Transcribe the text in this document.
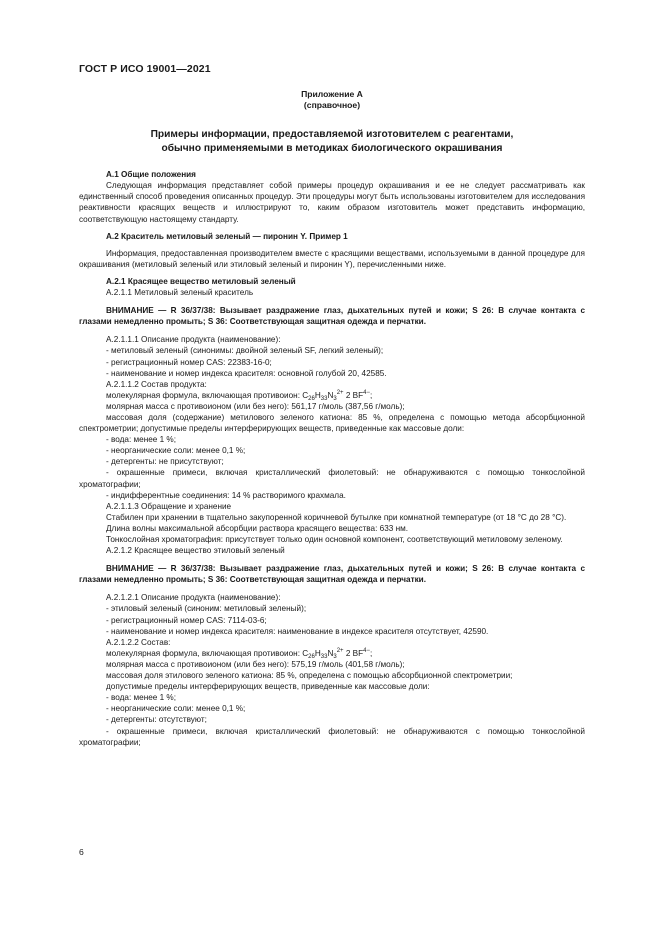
ГОСТ Р ИСО 19001—2021

Приложение А

(справочное)

Примеры информации, предоставляемой изготовителем с реагентами,
обычно применяемыми в методиках биологического окрашивания

А.1 Общие положения

Следующая информация представляет собой примеры процедур окрашивания и ее не следует рассматривать как единственный способ проведения описанных процедур. Эти процедуры могут быть использованы изготовителем для исследования реактивности красящих веществ и иллюстрируют то, каким образом изготовитель может представить информацию, соответствующую настоящему стандарту.

А.2 Краситель метиловый зеленый — пиронин Y. Пример 1

Информация, предоставленная производителем вместе с красящими веществами, используемыми в данной процедуре для окрашивания (метиловый зеленый или этиловый зеленый и пиронин Y), перечисленными ниже.

А.2.1 Красящее вещество метиловый зеленый

А.2.1.1 Метиловый зеленый краситель

ВНИМАНИЕ — R 36/37/38: Вызывает раздражение глаз, дыхательных путей и кожи; S 26: В случае контакта с глазами немедленно промыть; S 36: Соответствующая защитная одежда и перчатки.

А.2.1.1.1 Описание продукта (наименование):

- метиловый зеленый (синонимы: двойной зеленый SF, легкий зеленый);

- регистрационный номер CAS: 22383-16-0;

- наименование и номер индекса красителя: основной голубой 20, 42585.

А.2.1.1.2 Состав продукта:

молекулярная формула, включающая противоион: $C_{26}H_{33}N_3^{2+}$ 2 $BF^{4-}$;

молярная масса с противоионом (или без него): 561,17 г/моль (387,56 г/моль);

массовая доля (содержание) метилового зеленого катиона: 85 %, определена с помощью метода абсорбционной спектрометрии; допустимые пределы интерферирующих веществ, приведенные как массовые доли:

- вода: менее 1 %;

- неорганические соли: менее 0,1 %;

- детергенты: не присутствуют;

- окрашенные примеси, включая кристаллический фиолетовый: не обнаруживаются с помощью тонкослойной хроматографии;

- индифферентные соединения: 14 % растворимого крахмала.

А.2.1.1.3 Обращение и хранение

Стабилен при хранении в тщательно закупоренной коричневой бутылке при комнатной температуре (от 18 °C до 28 °C).

Длина волны максимальной абсорбции раствора красящего вещества: 633 нм.

Тонкослойная хроматография: присутствует только один основной компонент, соответствующий метиловому зеленому.

А.2.1.2 Красящее вещество этиловый зеленый

ВНИМАНИЕ — R 36/37/38: Вызывает раздражение глаз, дыхательных путей и кожи; S 26: В случае контакта с глазами немедленно промыть; S 36: Соответствующая защитная одежда и перчатки.

А.2.1.2.1 Описание продукта (наименование):

- этиловый зеленый (синоним: метиловый зеленый);

- регистрационный номер CAS: 7114-03-6;

- наименование и номер индекса красителя: наименование в индексе красителя отсутствует, 42590.

А.2.1.2.2 Состав:

молекулярная формула, включающая противоион: $C_{26}H_{33}N_3^{2+}$ 2 $BF^{4-}$;

молярная масса с противоионом (или без него): 575,19 г/моль (401,58 г/моль);

массовая доля этилового зеленого катиона: 85 %, определена с помощью абсорбционной спектрометрии;

допустимые пределы интерферирующих веществ, приведенные как массовые доли:

- вода: менее 1 %;

- неорганические соли: менее 0,1 %;

- детергенты: отсутствуют;

- окрашенные примеси, включая кристаллический фиолетовый: не обнаруживаются с помощью тонкослойной хроматографии;

6
